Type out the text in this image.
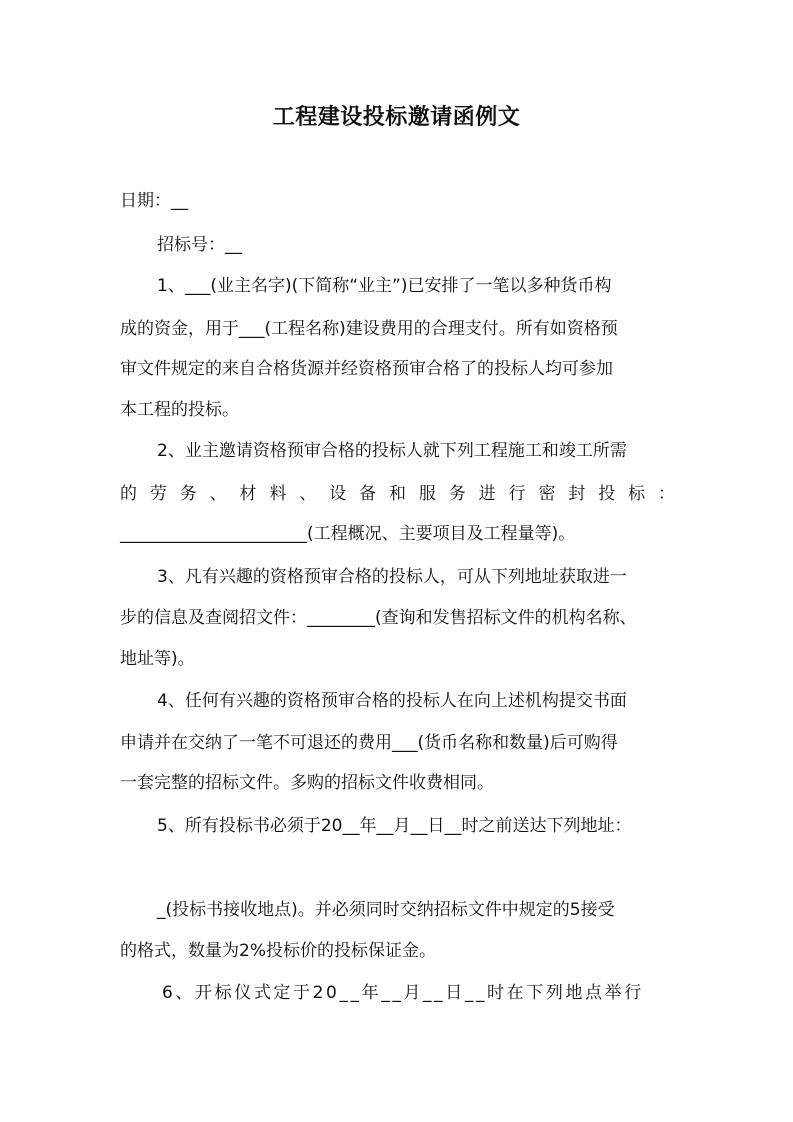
工程建设投标邀请函例文
日期：__
招标号：__
1、___(业主名字)(下简称“业主”)已安排了一笔以多种货币构
成的资金，用于___(工程名称)建设费用的合理支付。所有如资格预
审文件规定的来自合格货源并经资格预审合格了的投标人均可参加
本工程的投标。
2、业主邀请资格预审合格的投标人就下列工程施工和竣工所需
的劳务、材料、设备和服务进行密封投标：
______________________(工程概况、主要项目及工程量等)。
3、凡有兴趣的资格预审合格的投标人，可从下列地址获取进一
步的信息及查阅招文件：________(查询和发售招标文件的机构名称、
地址等)。
4、任何有兴趣的资格预审合格的投标人在向上述机构提交书面
申请并在交纳了一笔不可退还的费用___(货币名称和数量)后可购得
一套完整的招标文件。多购的招标文件收费相同。
5、所有投标书必须于20__年__月__日__时之前送达下列地址：
_(投标书接收地点)。并必须同时交纳招标文件中规定的5接受
的格式，数量为2%投标价的投标保证金。
6、开标仪式定于20__年__月__日__时在下列地点举行
